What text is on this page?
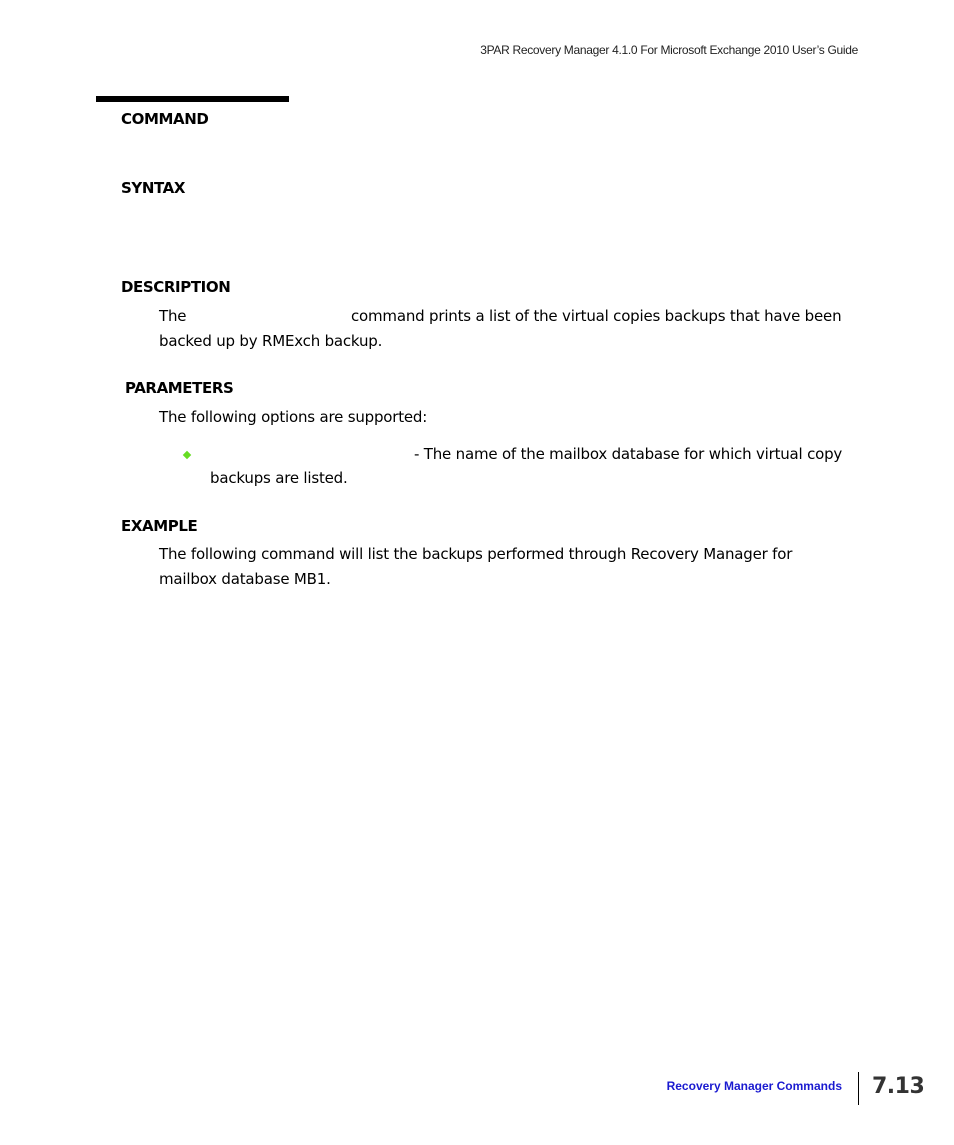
3PAR Recovery Manager 4.1.0 For Microsoft Exchange 2010 User’s Guide
COMMAND
SYNTAX
DESCRIPTION
The	command prints a list of the virtual copies backups that have been
backed up by RMExch backup.
PARAMETERS
The following options are supported:
- The name of the mailbox database for which virtual copy
backups are listed.
EXAMPLE
The following command will list the backups performed through Recovery Manager for
mailbox database MB1.
Recovery Manager Commands 7.13
